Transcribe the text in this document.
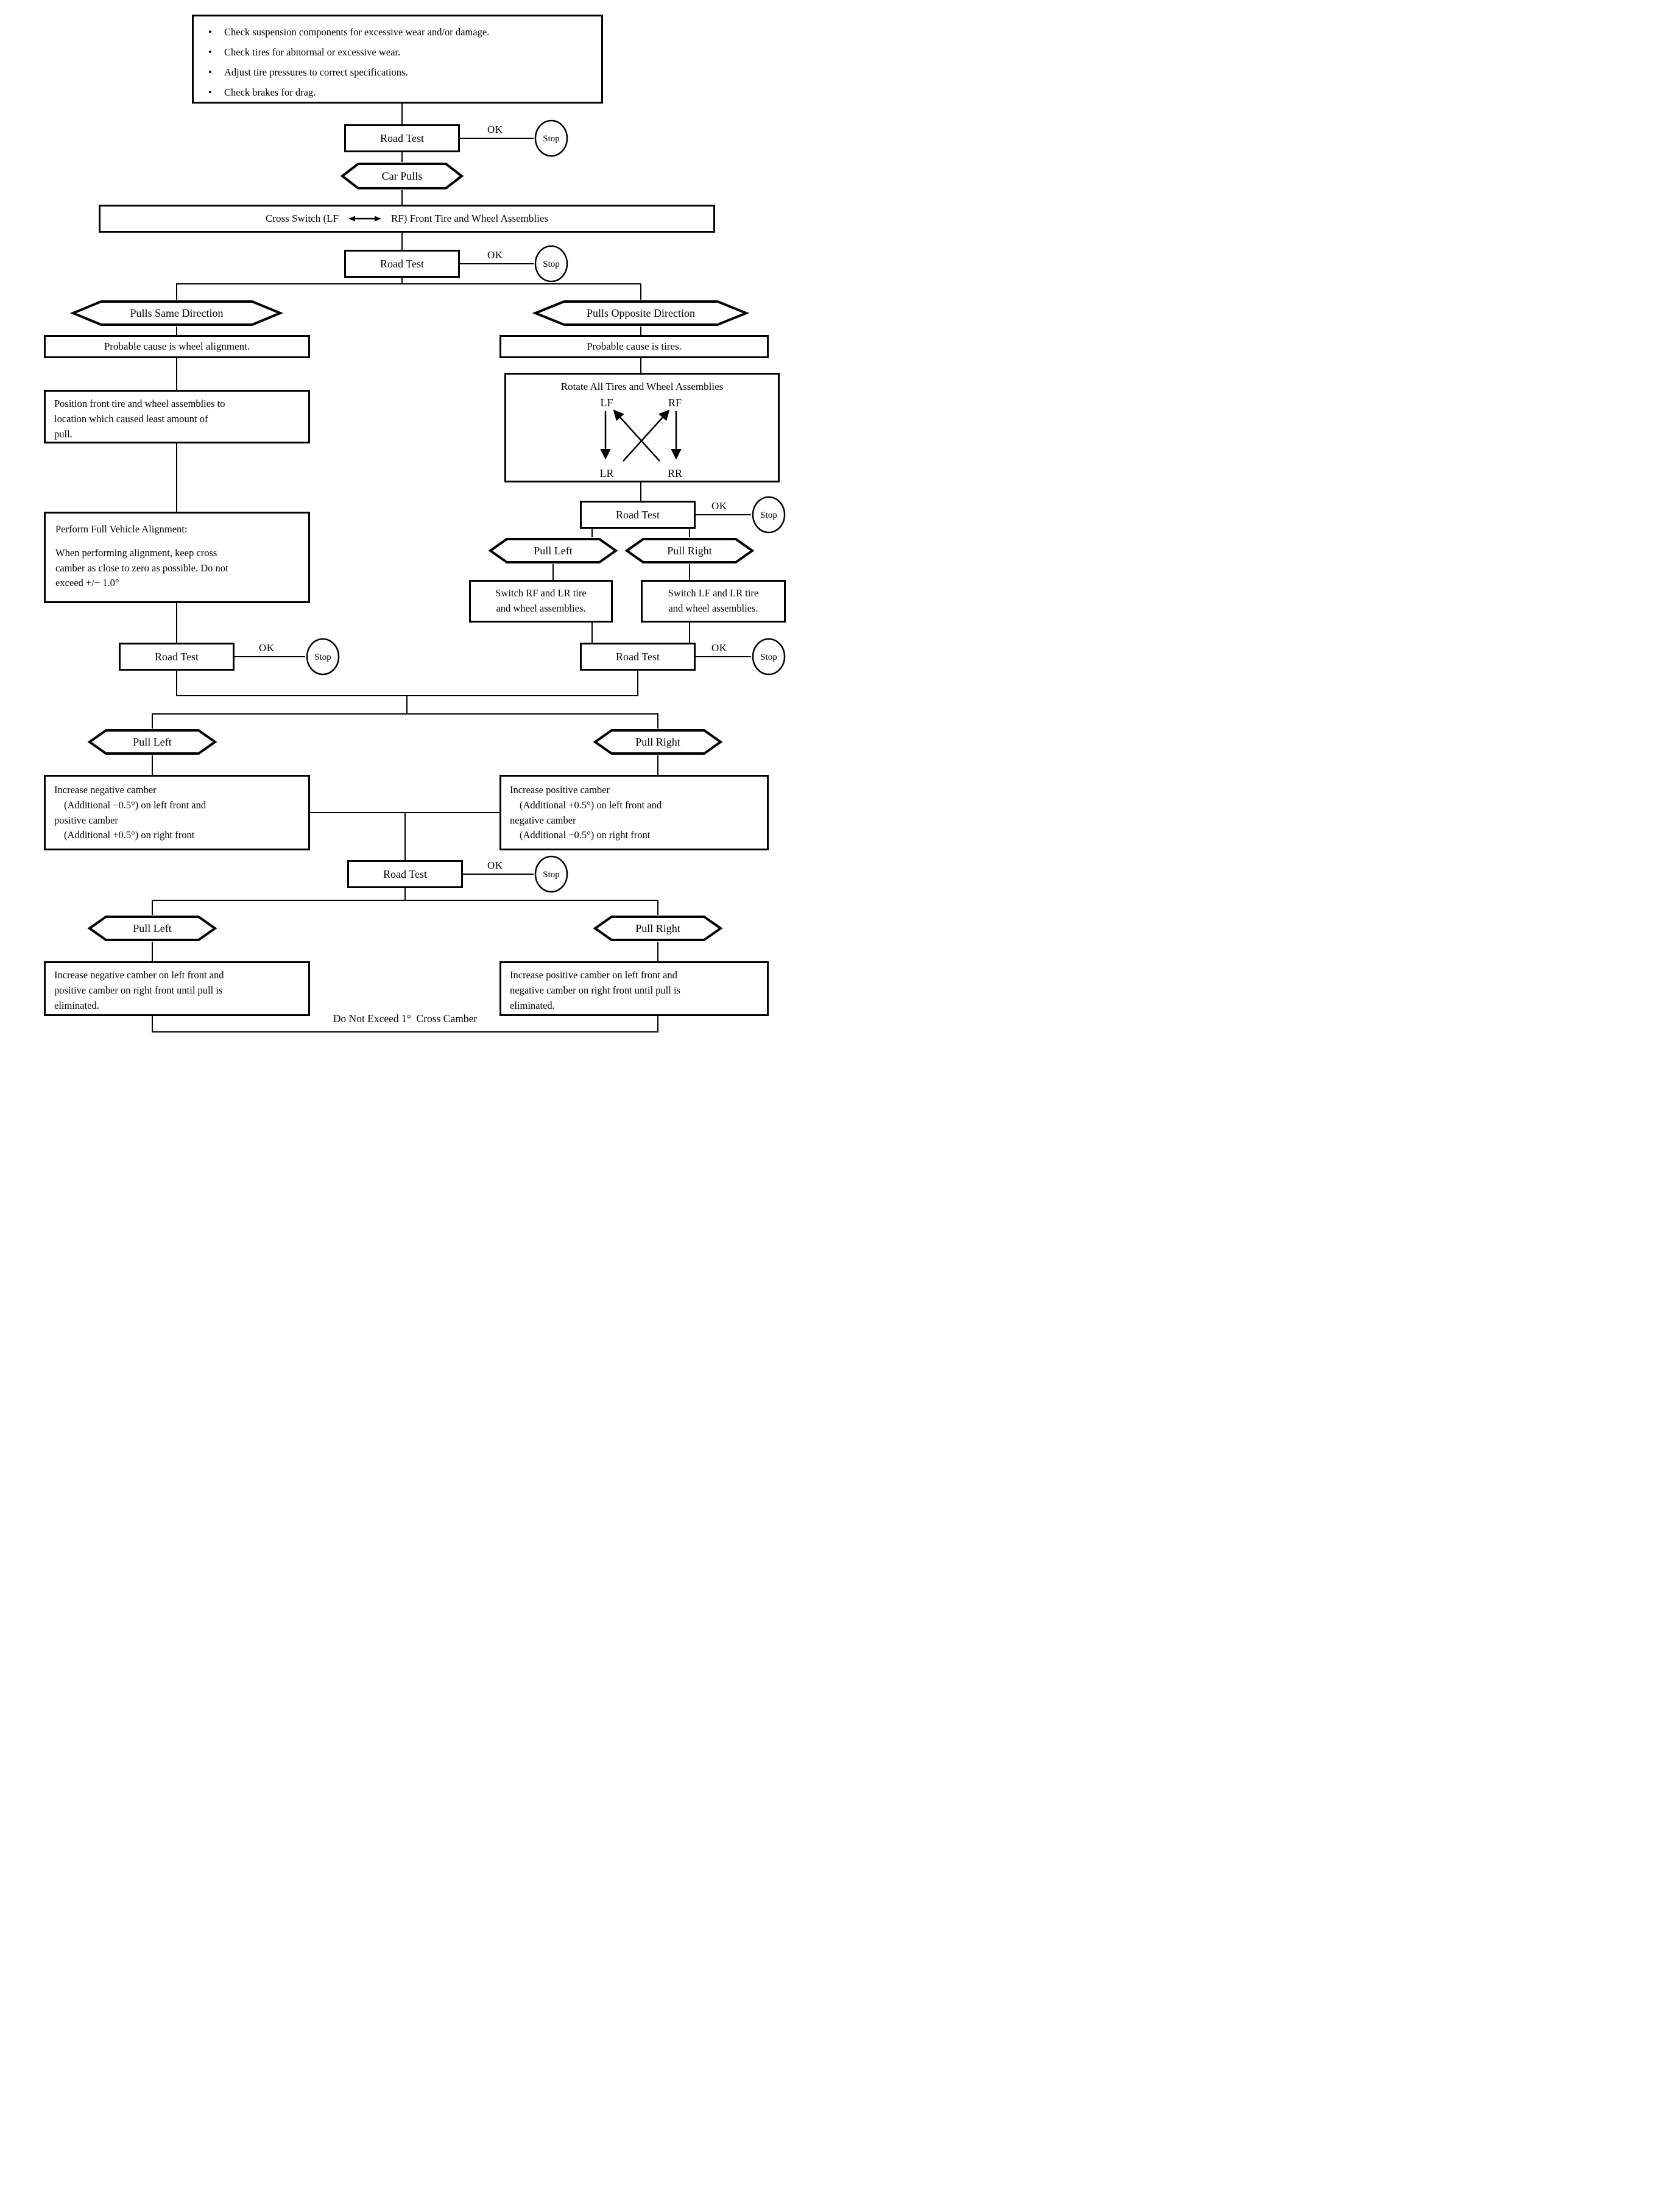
• Check suspension components for excessive wear and/or damage.
• Check tires for abnormal or excessive wear.
• Adjust tire pressures to correct specifications.
• Check brakes for drag.
Road Test
OK
Stop
Car Pulls
Cross Switch (LF	RF) Front Tire and Wheel Assemblies
Road Test
OK
Stop
Pulls Same Direction	Pulls Opposite Direction
Probable cause is wheel alignment.	Probable cause is tires.
Position front tire and wheel assemblies to
location which caused least amount of
pull.
Rotate All Tires and Wheel Assemblies
LF	RF
LR	RR
Perform Full Vehicle Alignment:
When performing alignment, keep cross
camber as close to zero as possible. Do not
exceed +/− 1.0°
Road Test
OK
Stop
Pull Left	Pull Right
Switch RF and LR tire
and wheel assemblies.
Switch LF and LR tire
and wheel assemblies.
Road Test
OK
Stop	Road Test
OK
Stop
Pull Left	Pull Right
Increase negative camber
(Additional −0.5°) on left front and
positive camber
(Additional +0.5°) on right front
Increase positive camber
(Additional +0.5°) on left front and
negative camber
(Additional −0.5°) on right front
Road Test
OK
Stop
Pull Left	Pull Right
Increase negative camber on left front and
positive camber on right front until pull is
eliminated.
Increase positive camber on left front and
negative camber on right front until pull is
eliminated.
Do Not Exceed 1°  Cross Camber
